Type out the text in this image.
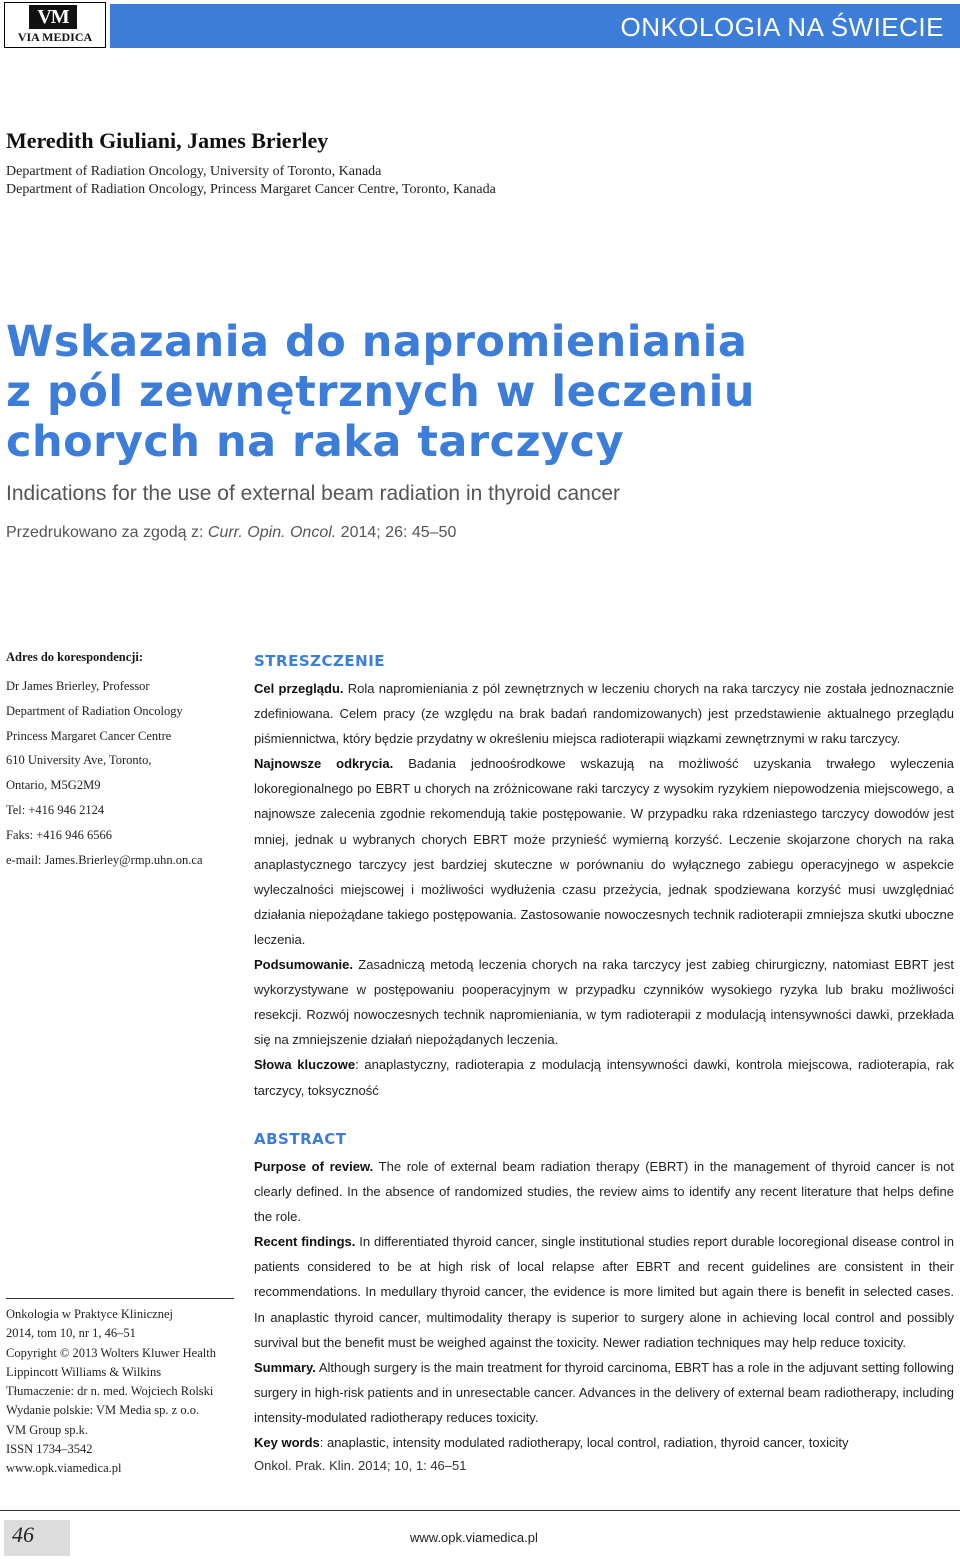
VM
VIA MEDICA	ONKOLOGIA NA ŚWIECIE
Meredith Giuliani, James Brierley
Department of Radiation Oncology, University of Toronto, Kanada
Department of Radiation Oncology, Princess Margaret Cancer Centre, Toronto, Kanada
Wskazania do napromieniania
z pól zewnętrznych w leczeniu
chorych na raka tarczycy
Indications for the use of external beam radiation in thyroid cancer
Przedrukowano za zgodą z: Curr. Opin. Oncol. 2014; 26: 45–50
Adres do korespondencji:
Dr James Brierley, Professor
Department of Radiation Oncology
Princess Margaret Cancer Centre
610 University Ave, Toronto,
Ontario, M5G2M9
Tel: +416 946 2124
Faks: +416 946 6566
e-mail: James.Brierley@rmp.uhn.on.ca
STRESZCZENIE

Cel przeglądu. Rola napromieniania z pól zewnętrznych w leczeniu chorych na raka tarczycy nie została jednoznacznie zdefiniowana. Celem pracy (ze względu na brak badań randomizowanych) jest przedstawienie aktualnego przeglądu piśmiennictwa, który będzie przydatny w określeniu miejsca radioterapii wiązkami zewnętrznymi w raku tarczycy.

Najnowsze odkrycia. Badania jednoośrodkowe wskazują na możliwość uzyskania trwałego wyleczenia lokoregionalnego po EBRT u chorych na zróżnicowane raki tarczycy z wysokim ryzykiem niepowodzenia miejscowego, a najnowsze zalecenia zgodnie rekomendują takie postępowanie. W przypadku raka rdzeniastego tarczycy dowodów jest mniej, jednak u wybranych chorych EBRT może przynieść wymierną korzyść. Leczenie skojarzone chorych na raka anaplastycznego tarczycy jest bardziej skuteczne w porównaniu do wyłącznego zabiegu operacyjnego w aspekcie wyleczalności miejscowej i możliwości wydłużenia czasu przeżycia, jednak spodziewana korzyść musi uwzględniać działania niepożądane takiego postępowania. Zastosowanie nowoczesnych technik radioterapii zmniejsza skutki uboczne leczenia.

Podsumowanie. Zasadniczą metodą leczenia chorych na raka tarczycy jest zabieg chirurgiczny, natomiast EBRT jest wykorzystywane w postępowaniu pooperacyjnym w przypadku czynników wysokiego ryzyka lub braku możliwości resekcji. Rozwój nowoczesnych technik napromieniania, w tym radioterapii z modulacją intensywności dawki, przekłada się na zmniejszenie działań niepożądanych leczenia.

Słowa kluczowe: anaplastyczny, radioterapia z modulacją intensywności dawki, kontrola miejscowa, radioterapia, rak tarczycy, toksyczność

ABSTRACT

Purpose of review. The role of external beam radiation therapy (EBRT) in the management of thyroid cancer is not clearly defined. In the absence of randomized studies, the review aims to identify any recent literature that helps define the role.

Recent findings. In differentiated thyroid cancer, single institutional studies report durable locoregional disease control in patients considered to be at high risk of local relapse after EBRT and recent guidelines are consistent in their recommendations. In medullary thyroid cancer, the evidence is more limited but again there is benefit in selected cases. In anaplastic thyroid cancer, multimodality therapy is superior to surgery alone in achieving local control and possibly survival but the benefit must be weighed against the toxicity. Newer radiation techniques may help reduce toxicity.

Summary. Although surgery is the main treatment for thyroid carcinoma, EBRT has a role in the adjuvant setting following surgery in high-risk patients and in unresectable cancer. Advances in the delivery of external beam radiotherapy, including intensity-modulated radiotherapy reduces toxicity.

Key words: anaplastic, intensity modulated radiotherapy, local control, radiation, thyroid cancer, toxicity

Onkol. Prak. Klin. 2014; 10, 1: 46–51
Onkologia w Praktyce Klinicznej
2014, tom 10, nr 1, 46–51
Copyright © 2013 Wolters Kluwer Health
Lippincott Williams & Wilkins
Tłumaczenie: dr n. med. Wojciech Rolski
Wydanie polskie: VM Media sp. z o.o.
VM Group sp.k.
ISSN 1734–3542
www.opk.viamedica.pl
46	www.opk.viamedica.pl
